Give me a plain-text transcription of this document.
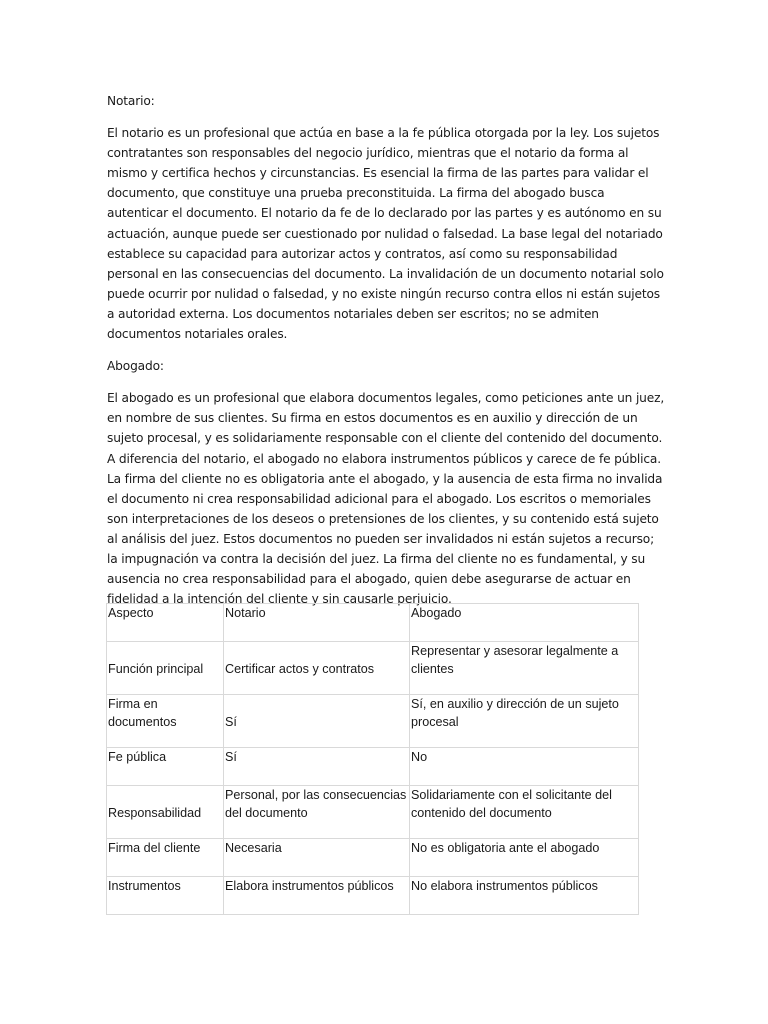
Notario:

El notario es un profesional que actúa en base a la fe pública otorgada por la ley. Los sujetos contratantes son responsables del negocio jurídico, mientras que el notario da forma al mismo y certifica hechos y circunstancias. Es esencial la firma de las partes para validar el documento, que constituye una prueba preconstituida. La firma del abogado busca autenticar el documento. El notario da fe de lo declarado por las partes y es autónomo en su actuación, aunque puede ser cuestionado por nulidad o falsedad. La base legal del notariado establece su capacidad para autorizar actos y contratos, así como su responsabilidad personal en las consecuencias del documento. La invalidación de un documento notarial solo puede ocurrir por nulidad o falsedad, y no existe ningún recurso contra ellos ni están sujetos a autoridad externa. Los documentos notariales deben ser escritos; no se admiten documentos notariales orales.

Abogado:

El abogado es un profesional que elabora documentos legales, como peticiones ante un juez, en nombre de sus clientes. Su firma en estos documentos es en auxilio y dirección de un sujeto procesal, y es solidariamente responsable con el cliente del contenido del documento. A diferencia del notario, el abogado no elabora instrumentos públicos y carece de fe pública. La firma del cliente no es obligatoria ante el abogado, y la ausencia de esta firma no invalida el documento ni crea responsabilidad adicional para el abogado. Los escritos o memoriales son interpretaciones de los deseos o pretensiones de los clientes, y su contenido está sujeto al análisis del juez. Estos documentos no pueden ser invalidados ni están sujetos a recurso; la impugnación va contra la decisión del juez. La firma del cliente no es fundamental, y su ausencia no crea responsabilidad para el abogado, quien debe asegurarse de actuar en fidelidad a la intención del cliente y sin causarle perjuicio.

Aspecto	Notario	Abogado

Función principal	Certificar actos y contratos	Representar y asesorar legalmente a clientes

Firma en documentos	Sí	Sí, en auxilio y dirección de un sujeto procesal

Fe pública	Sí	No

Responsabilidad	Personal, por las consecuencias del documento	Solidariamente con el solicitante del contenido del documento

Firma del cliente	Necesaria	No es obligatoria ante el abogado
Instrumentos	Elabora instrumentos públicos	No elabora instrumentos públicos
